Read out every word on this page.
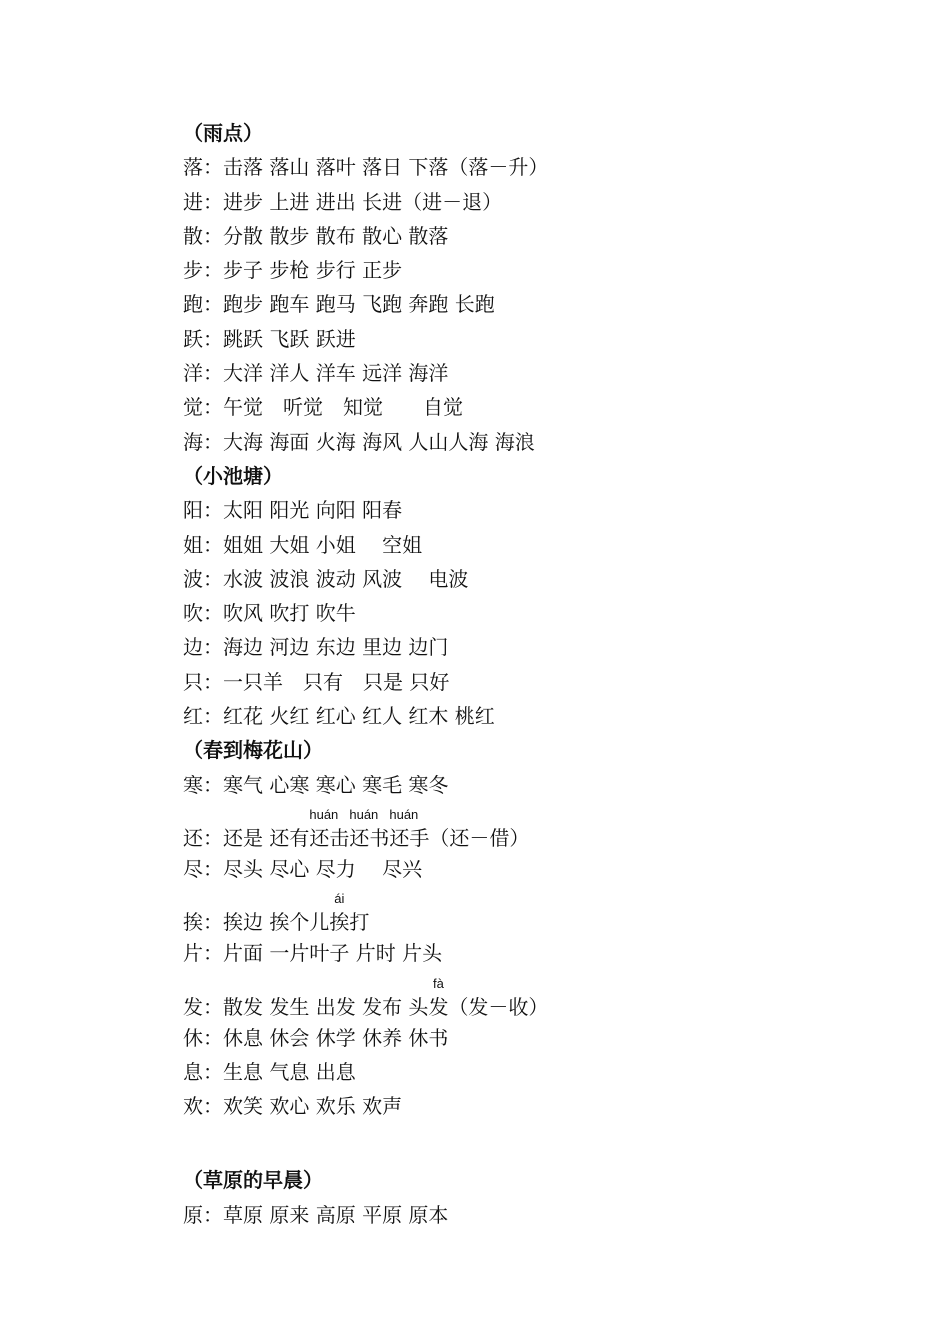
（雨点）
落：击落 落山 落叶 落日 下落（落－升）
进：进步 上进 进出 长进（进－退）
散：分散 散步 散布 散心 散落
步：步子 步枪 步行 正步
跑：跑步 跑车 跑马 飞跑 奔跑 长跑
跃：跳跃 飞跃 跃进
洋：大洋 洋人 洋车 远洋 海洋
觉：午觉　听觉　知觉　　自觉
海：大海 海面 火海 海风 人山人海 海浪
（小池塘）
阳：太阳 阳光 向阳 阳春
姐：姐姐 大姐 小姐　 空姐
波：水波 波浪 波动 风波　 电波
吹：吹风 吹打 吹牛
边：海边 河边 东边 里边 边门
只：一只羊　只有　只是 只好
红：红花 火红 红心 红人 红木 桃红
（春到梅花山）
寒：寒气 心寒 寒心 寒毛 寒冬
还：还是 还有
huán
还击
huán
还书
huán
还手（还－借）
尽：尽头 尽心 尽力　 尽兴
挨：挨边 挨个儿
ái
挨打
片：片面 一片叶子 片时 片头
发：散发 发生 出发 发布 头
fà
发（发－收）
休：休息 休会 休学 休养 休书
息：生息 气息 出息
欢：欢笑 欢心 欢乐 欢声
（草原的早晨）
原：草原 原来 高原 平原 原本
